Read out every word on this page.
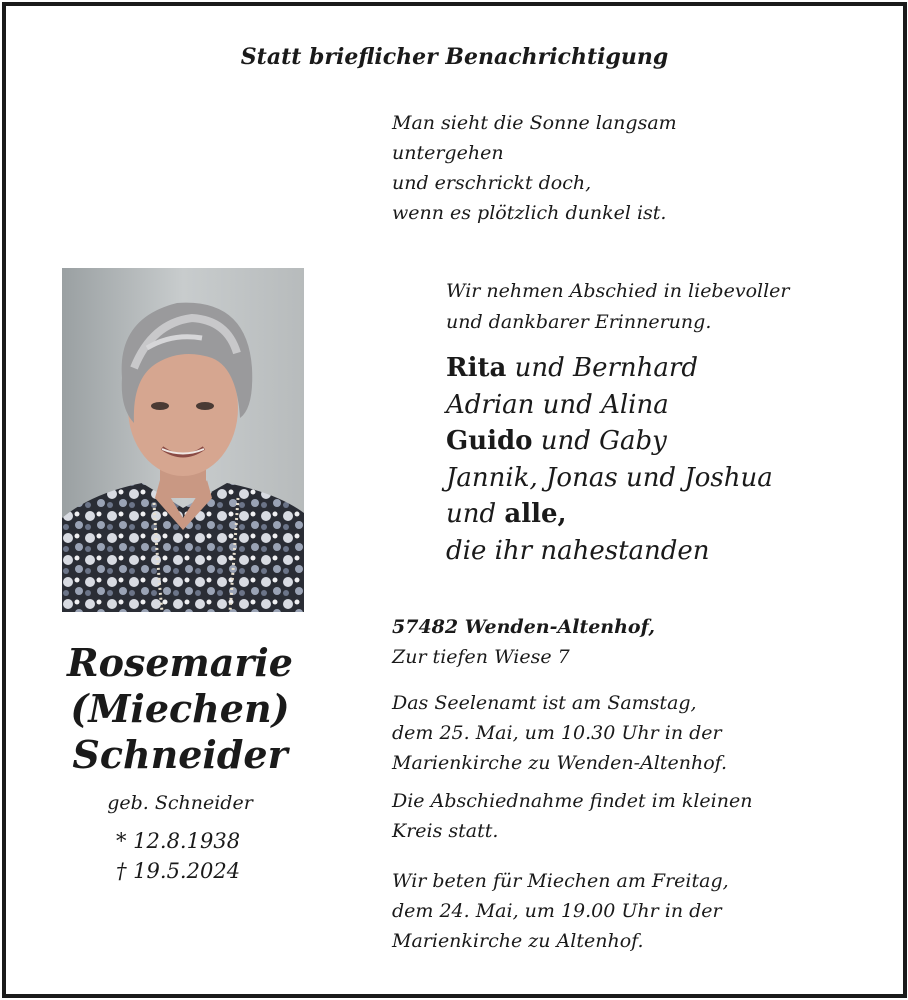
Statt brieflicher Benachrichtigung
Man sieht die Sonne langsam
untergehen
und erschrickt doch,
wenn es plötzlich dunkel ist.
Rosemarie
(Miechen)
Schneider
geb. Schneider
* 12.8.1938
† 19.5.2024
Wir nehmen Abschied in liebevoller
und dankbarer Erinnerung.
Rita und Bernhard
Adrian und Alina
Guido und Gaby
Jannik, Jonas und Joshua
und alle,
die ihr nahestanden
57482 Wenden-Altenhof,
Zur tiefen Wiese 7
Das Seelenamt ist am Samstag,
dem 25. Mai, um 10.30 Uhr in der
Marienkirche zu Wenden-Altenhof.
Die Abschiednahme findet im kleinen
Kreis statt.
Wir beten für Miechen am Freitag,
dem 24. Mai, um 19.00 Uhr in der
Marienkirche zu Altenhof.
